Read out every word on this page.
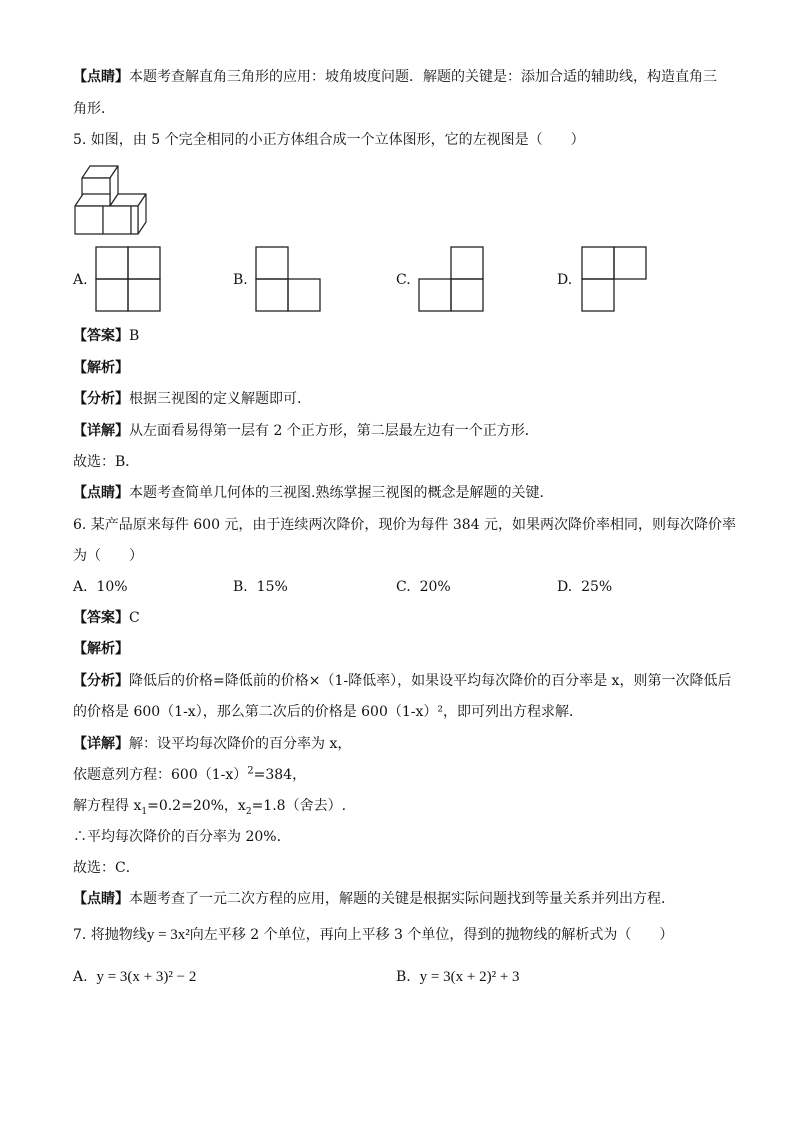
【点睛】本题考查解直角三角形的应用：坡角坡度问题．解题的关键是：添加合适的辅助线，构造直角三
角形．
5. 如图，由 5 个完全相同的小正方体组合成一个立体图形，它的左视图是（　　）
A.	B.	C.	D.
【答案】B
【解析】
【分析】根据三视图的定义解题即可.
【详解】从左面看易得第一层有 2 个正方形，第二层最左边有一个正方形．
故选：B．
【点睛】本题考查简单几何体的三视图.熟练掌握三视图的概念是解题的关键.
6. 某产品原来每件 600 元，由于连续两次降价，现价为每件 384 元，如果两次降价率相同，则每次降价率
为（　　）
A. 10%	B. 15%	C. 20%	D. 25%
【答案】C
【解析】
【分析】降低后的价格=降低前的价格×（1-降低率），如果设平均每次降价的百分率是 x，则第一次降低后
的价格是 600（1-x），那么第二次后的价格是 600（1-x）²，即可列出方程求解．
【详解】解：设平均每次降价的百分率为 x，
依题意列方程：$600(1-x)^2=384$，
解方程得 $x_1=0.2=20\%$，$x_2=1.8$（舍去）.
∴平均每次降价的百分率为 20%.
故选：C．
【点睛】本题考查了一元二次方程的应用，解题的关键是根据实际问题找到等量关系并列出方程．
7. 将抛物线y = 3x²向左平移 2 个单位，再向上平移 3 个单位，得到的抛物线的解析式为（　　）
A. y = 3(x + 3)² − 2	B. y = 3(x + 2)² + 3
